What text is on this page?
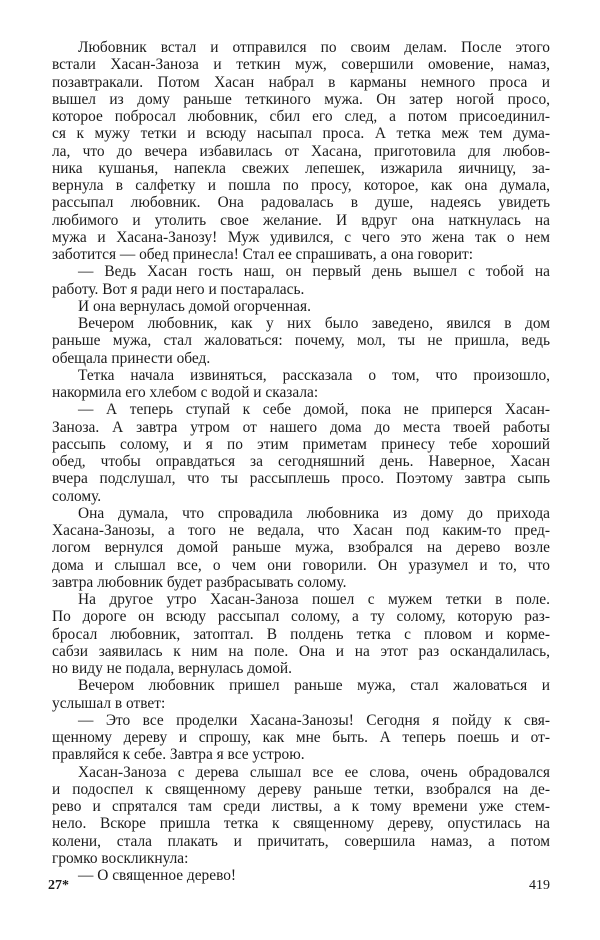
Любовник встал и отправился по своим делам. После этого
встали Хасан-Заноза и теткин муж, совершили омовение, намаз,
позавтракали. Потом Хасан набрал в карманы немного проса и
вышел из дому раньше теткиного мужа. Он затер ногой просо,
которое побросал любовник, сбил его след, а потом присоединил-
ся к мужу тетки и всюду насыпал проса. А тетка меж тем дума-
ла, что до вечера избавилась от Хасана, приготовила для любов-
ника кушанья, напекла свежих лепешек, изжарила яичницу, за-
вернула в салфетку и пошла по просу, которое, как она думала,
рассыпал любовник. Она радовалась в душе, надеясь увидеть
любимого и утолить свое желание. И вдруг она наткнулась на
мужа и Хасана-Занозу! Муж удивился, с чего это жена так о нем
заботится — обед принесла! Стал ее спрашивать, а она говорит:
— Ведь Хасан гость наш, он первый день вышел с тобой на
работу. Вот я ради него и постаралась.
И она вернулась домой огорченная.
Вечером любовник, как у них было заведено, явился в дом
раньше мужа, стал жаловаться: почему, мол, ты не пришла, ведь
обещала принести обед.
Тетка начала извиняться, рассказала о том, что произошло,
накормила его хлебом с водой и сказала:
— А теперь ступай к себе домой, пока не приперся Хасан-
Заноза. А завтра утром от нашего дома до места твоей работы
рассыпь солому, и я по этим приметам принесу тебе хороший
обед, чтобы оправдаться за сегодняшний день. Наверное, Хасан
вчера подслушал, что ты рассыплешь просо. Поэтому завтра сыпь
солому.
Она думала, что спровадила любовника из дому до прихода
Хасана-Занозы, а того не ведала, что Хасан под каким-то пред-
логом вернулся домой раньше мужа, взобрался на дерево возле
дома и слышал все, о чем они говорили. Он уразумел и то, что
завтра любовник будет разбрасывать солому.
На другое утро Хасан-Заноза пошел с мужем тетки в поле.
По дороге он всюду рассыпал солому, а ту солому, которую раз-
бросал любовник, затоптал. В полдень тетка с пловом и корме-
сабзи заявилась к ним на поле. Она и на этот раз оскандалилась,
но виду не подала, вернулась домой.
Вечером любовник пришел раньше мужа, стал жаловаться и
услышал в ответ:
— Это все проделки Хасана-Занозы! Сегодня я пойду к свя-
щенному дереву и спрошу, как мне быть. А теперь поешь и от-
правляйся к себе. Завтра я все устрою.
Хасан-Заноза с дерева слышал все ее слова, очень обрадовался
и подоспел к священному дереву раньше тетки, взобрался на де-
рево и спрятался там среди листвы, а к тому времени уже стем-
нело. Вскоре пришла тетка к священному дереву, опустилась на
колени, стала плакать и причитать, совершила намаз, а потом
громко воскликнула:
— О священное дерево!
27*	419
